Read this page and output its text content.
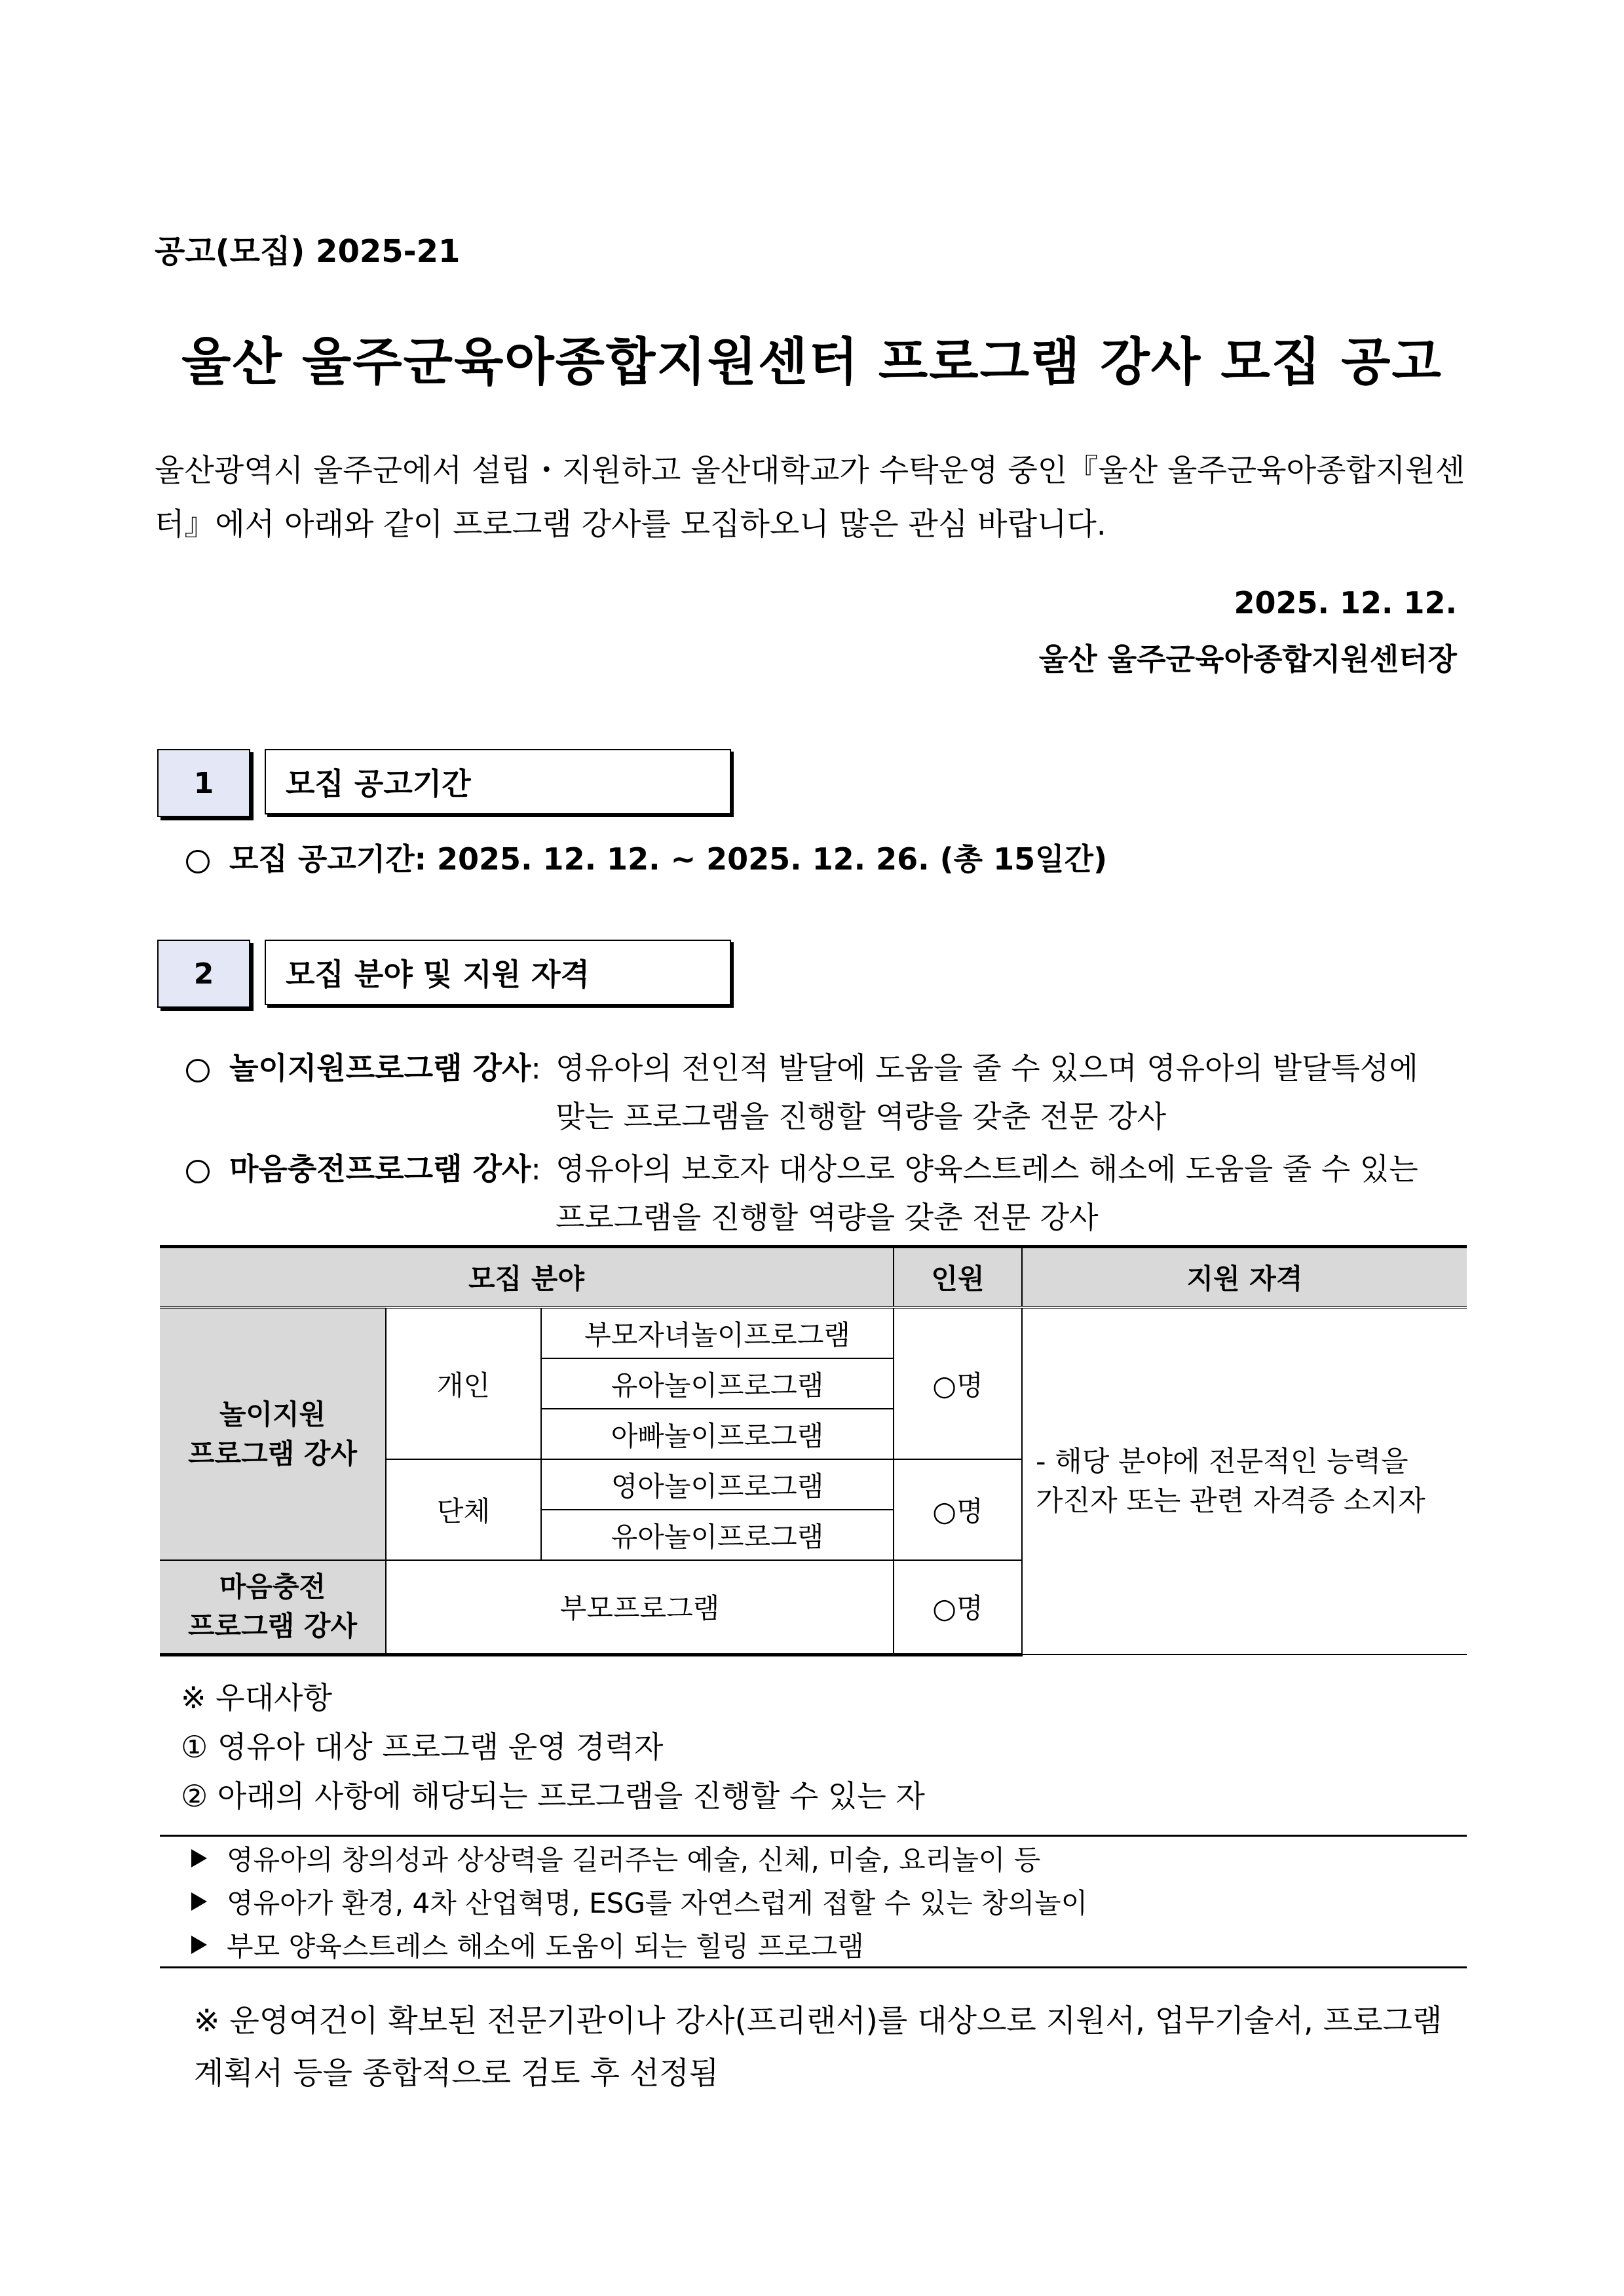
공고(모집) 2025-21
울산 울주군육아종합지원센터 프로그램 강사 모집 공고
울산광역시 울주군에서 설립・지원하고 울산대학교가 수탁운영 중인『울산 울주군육아종합지원센터』에서 아래와 같이 프로그램 강사를 모집하오니 많은 관심 바랍니다.
2025. 12. 12.
울산 울주군육아종합지원센터장
1	모집 공고기간
모집 공고기간: 2025. 12. 12. ~ 2025. 12. 26. (총 15일간)
2	모집 분야 및 지원 자격
놀이지원프로그램 강사: 영유아의 전인적 발달에 도움을 줄 수 있으며 영유아의 발달특성에
맞는 프로그램을 진행할 역량을 갖춘 전문 강사
마음충전프로그램 강사: 영유아의 보호자 대상으로 양육스트레스 해소에 도움을 줄 수 있는
프로그램을 진행할 역량을 갖춘 전문 강사
모집 분야			인원	지원 자격
놀이지원
프로그램 강사	개인	부모자녀놀이프로그램	○명	- 해당 분야에 전문적인 능력을
가진자 또는 관련 자격증 소지자
		유아놀이프로그램		
		아빠놀이프로그램		
	단체	영아놀이프로그램	○명	
		유아놀이프로그램		
마음충전
프로그램 강사	부모프로그램		○명	
※ 우대사항
① 영유아 대상 프로그램 운영 경력자
② 아래의 사항에 해당되는 프로그램을 진행할 수 있는 자
영유아의 창의성과 상상력을 길러주는 예술, 신체, 미술, 요리놀이 등
영유아가 환경, 4차 산업혁명, ESG를 자연스럽게 접할 수 있는 창의놀이
부모 양육스트레스 해소에 도움이 되는 힐링 프로그램
※ 운영여건이 확보된 전문기관이나 강사(프리랜서)를 대상으로 지원서, 업무기술서, 프로그램 계획서 등을 종합적으로 검토 후 선정됨
